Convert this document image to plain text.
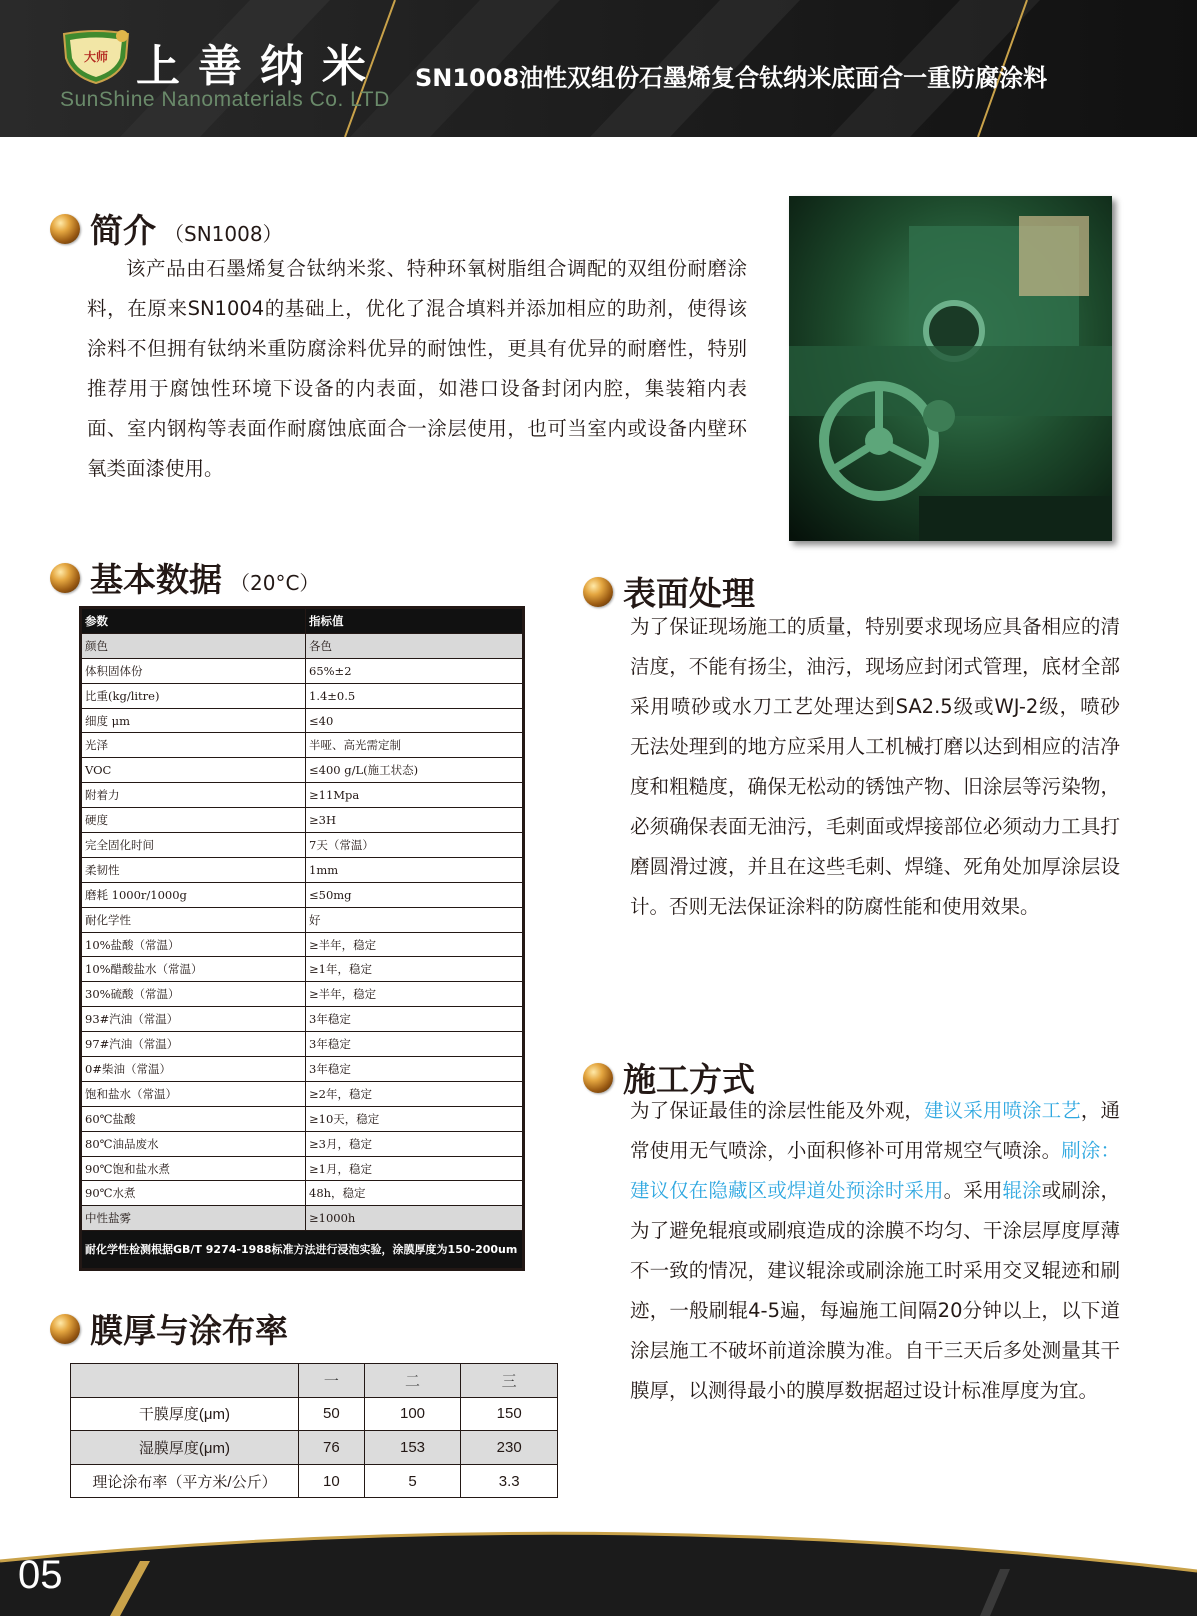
大师 上善纳米
SunShine Nanomaterials Co. LTD
SN1008油性双组份石墨烯复合钛纳米底面合一重防腐涂料
简介 （SN1008）
该产品由石墨烯复合钛纳米浆、特种环氧树脂组合调配的双组份耐磨涂料，在原来SN1004的基础上，优化了混合填料并添加相应的助剂，使得该涂料不但拥有钛纳米重防腐涂料优异的耐蚀性，更具有优异的耐磨性，特别推荐用于腐蚀性环境下设备的内表面，如港口设备封闭内腔，集装箱内表面、室内钢构等表面作耐腐蚀底面合一涂层使用，也可当室内或设备内壁环氧类面漆使用。
基本数据 （20°C）
参数	指标值
颜色	各色
体积固体份	65%±2
比重(kg/litre)	1.4±0.5
细度 μm	≤40
光泽	半哑、高光需定制
VOC	≤400 g/L(施工状态)
附着力	≥11Mpa
硬度	≥3H
完全固化时间	7天（常温）
柔韧性	1mm
磨耗 1000r/1000g	≤50mg
耐化学性	好
10%盐酸（常温）	≥半年，稳定
10%醋酸盐水（常温）	≥1年，稳定
30%硫酸（常温）	≥半年，稳定
93#汽油（常温）	3年稳定
97#汽油（常温）	3年稳定
0#柴油（常温）	3年稳定
饱和盐水（常温）	≥2年，稳定
60℃盐酸	≥10天，稳定
80℃油品废水	≥3月，稳定
90℃饱和盐水煮	≥1月，稳定
90℃水煮	48h，稳定
中性盐雾	≥1000h
耐化学性检测根据GB/T 9274-1988标准方法进行浸泡实验，涂膜厚度为150-200um	
膜厚与涂布率
	一	二	三
干膜厚度(μm)	50	100	150
湿膜厚度(μm)	76	153	230
理论涂布率（平方米/公斤）	10	5	3.3
表面处理
为了保证现场施工的质量，特别要求现场应具备相应的清洁度，不能有扬尘，油污，现场应封闭式管理，底材全部采用喷砂或水刀工艺处理达到SA2.5级或WJ-2级，喷砂无法处理到的地方应采用人工机械打磨以达到相应的洁净度和粗糙度，确保无松动的锈蚀产物、旧涂层等污染物，必须确保表面无油污，毛刺面或焊接部位必须动力工具打磨圆滑过渡，并且在这些毛刺、焊缝、死角处加厚涂层设计。否则无法保证涂料的防腐性能和使用效果。
施工方式
为了保证最佳的涂层性能及外观，建议采用喷涂工艺，通常使用无气喷涂，小面积修补可用常规空气喷涂。刷涂：建议仅在隐藏区或焊道处预涂时采用。采用辊涂或刷涂，为了避免辊痕或刷痕造成的涂膜不均匀、干涂层厚度厚薄不一致的情况，建议辊涂或刷涂施工时采用交叉辊迹和刷迹，一般刷辊4-5遍，每遍施工间隔20分钟以上，以下道涂层施工不破坏前道涂膜为准。自干三天后多处测量其干膜厚，以测得最小的膜厚数据超过设计标准厚度为宜。
05
